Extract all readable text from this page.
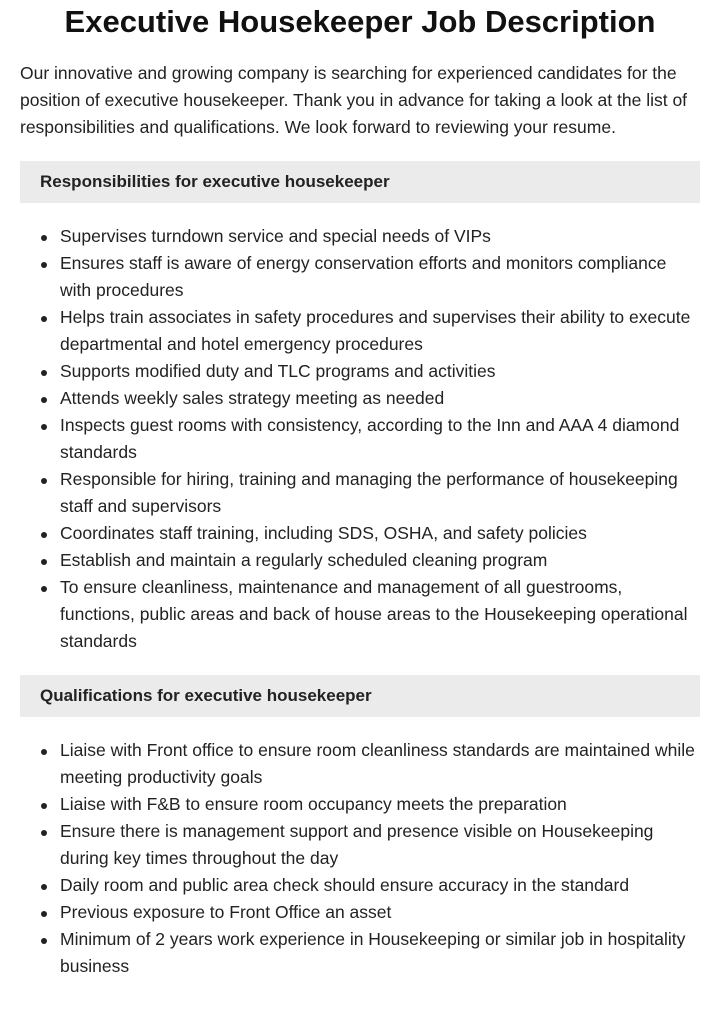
Executive Housekeeper Job Description

Our innovative and growing company is searching for experienced candidates for the position of executive housekeeper. Thank you in advance for taking a look at the list of responsibilities and qualifications. We look forward to reviewing your resume.

Responsibilities for executive housekeeper
Supervises turndown service and special needs of VIPs
Ensures staff is aware of energy conservation efforts and monitors compliance with procedures
Helps train associates in safety procedures and supervises their ability to execute departmental and hotel emergency procedures
Supports modified duty and TLC programs and activities
Attends weekly sales strategy meeting as needed
Inspects guest rooms with consistency, according to the Inn and AAA 4 diamond standards
Responsible for hiring, training and managing the performance of housekeeping staff and supervisors
Coordinates staff training, including SDS, OSHA, and safety policies
Establish and maintain a regularly scheduled cleaning program
To ensure cleanliness, maintenance and management of all guestrooms, functions, public areas and back of house areas to the Housekeeping operational standards
Qualifications for executive housekeeper
Liaise with Front office to ensure room cleanliness standards are maintained while meeting productivity goals
Liaise with F&B to ensure room occupancy meets the preparation
Ensure there is management support and presence visible on Housekeeping during key times throughout the day
Daily room and public area check should ensure accuracy in the standard
Previous exposure to Front Office an asset
Minimum of 2 years work experience in Housekeeping or similar job in hospitality business
